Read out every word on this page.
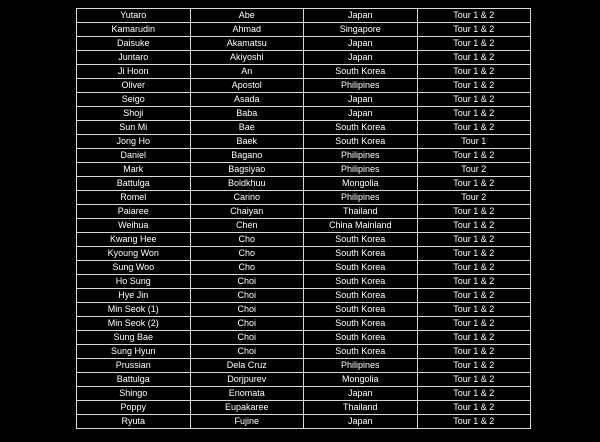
Yutaro	Abe	Japan	Tour 1 & 2
Kamarudin	Ahmad	Singapore	Tour 1 & 2
Daisuke	Akamatsu	Japan	Tour 1 & 2
Juntaro	Akiyoshi	Japan	Tour 1 & 2
Ji Hoon	An	South Korea	Tour 1 & 2
Oliver	Apostol	Philipines	Tour 1 & 2
Seigo	Asada	Japan	Tour 1 & 2
Shoji	Baba	Japan	Tour 1 & 2
Sun Mi	Bae	South Korea	Tour 1 & 2
Jong Ho	Baek	South Korea	Tour 1
Daniel	Bagano	Philipines	Tour 1 & 2
Mark	Bagsiyao	Philipines	Tour 2
Battulga	Boldkhuu	Mongolia	Tour 1 & 2
Romel	Carino	Philipines	Tour 2
Paiaree	Chaiyan	Thailand	Tour 1 & 2
Weihua	Chen	China Mainland	Tour 1 & 2
Kwang Hee	Cho	South Korea	Tour 1 & 2
Kyoung Won	Cho	South Korea	Tour 1 & 2
Sung Woo	Cho	South Korea	Tour 1 & 2
Ho Sung	Choi	South Korea	Tour 1 & 2
Hye Jin	Choi	South Korea	Tour 1 & 2
Min Seok (1)	Choi	South Korea	Tour 1 & 2
Min Seok (2)	Choi	South Korea	Tour 1 & 2
Sung Bae	Choi	South Korea	Tour 1 & 2
Sung Hyun	Choi	South Korea	Tour 1 & 2
Prussian	Dela Cruz	Philipines	Tour 1 & 2
Battulga	Dorjpurev	Mongolia	Tour 1 & 2
Shingo	Enomata	Japan	Tour 1 & 2
Poppy	Eupakaree	Thailand	Tour 1 & 2
Ryuta	Fujine	Japan	Tour 1 & 2
